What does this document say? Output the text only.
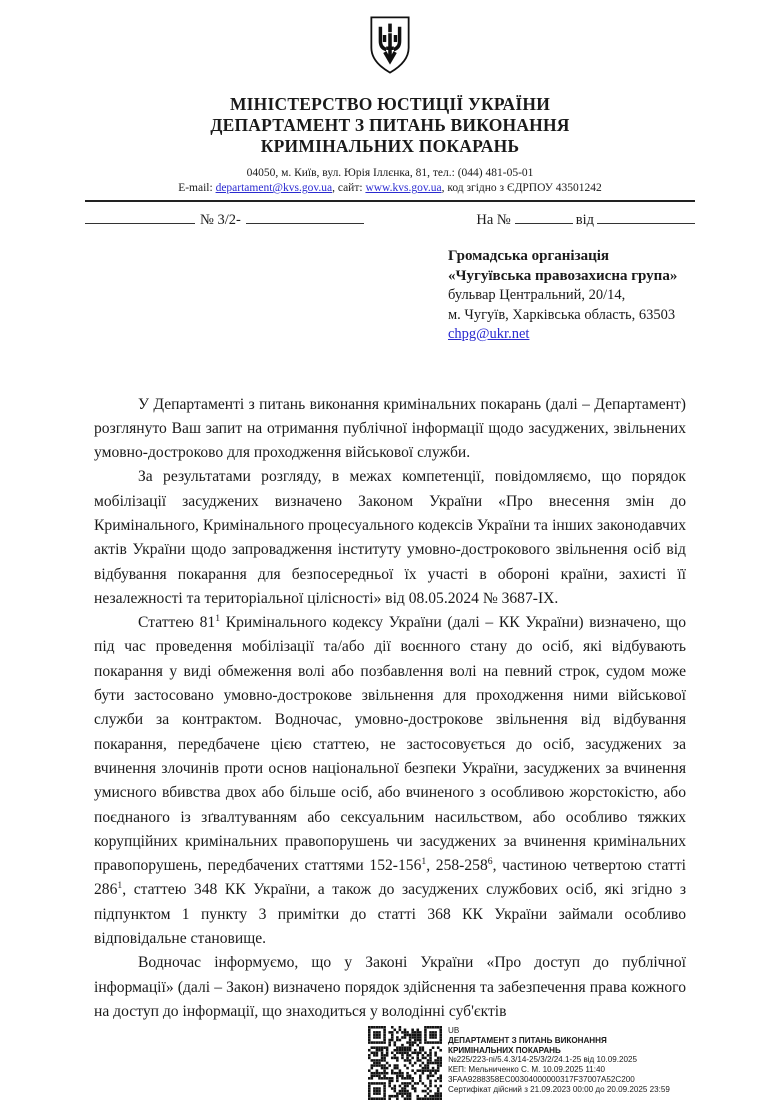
МІНІСТЕРСТВО ЮСТИЦІЇ УКРАЇНИ
ДЕПАРТАМЕНТ З ПИТАНЬ ВИКОНАННЯ
КРИМІНАЛЬНИХ ПОКАРАНЬ
04050, м. Київ, вул. Юрія Іллєнка, 81, тел.: (044) 481-05-01
E-mail: departament@kvs.gov.ua, сайт: www.kvs.gov.ua, код згідно з ЄДРПОУ 43501242
№ 3/2-	На №	від
Громадська організація
«Чугуївська правозахисна група»
бульвар Центральний, 20/14,
м. Чугуїв, Харківська область, 63503
chpg@ukr.net

У Департаменті з питань виконання кримінальних покарань (далі – Департамент) розглянуто Ваш запит на отримання публічної інформації щодо засуджених, звільнених умовно-достроково для проходження військової служби.

За результатами розгляду, в межах компетенції, повідомляємо, що порядок мобілізації засуджених визначено Законом України «Про внесення змін до Кримінального, Кримінального процесуального кодексів України та інших законодавчих актів України щодо запровадження інституту умовно-дострокового звільнення осіб від відбування покарання для безпосередньої їх участі в обороні країни, захисті її незалежності та територіальної цілісності» від 08.05.2024 № 3687-IX.

Статтею $81^1$ Кримінального кодексу України (далі – КК України) визначено, що під час проведення мобілізації та/або дії воєнного стану до осіб, які відбувають покарання у виді обмеження волі або позбавлення волі на певний строк, судом може бути застосовано умовно-дострокове звільнення для проходження ними військової служби за контрактом. Водночас, умовно-дострокове звільнення від відбування покарання, передбачене цією статтею, не застосовується до осіб, засуджених за вчинення злочинів проти основ національної безпеки України, засуджених за вчинення умисного вбивства двох або більше осіб, або вчиненого з особливою жорстокістю, або поєднаного із зґвалтуванням або сексуальним насильством, або особливо тяжких корупційних кримінальних правопорушень чи засуджених за вчинення кримінальних правопорушень, передбачених статтями $152-156^1$, $258-258^6$, частиною четвертою статті $286^1$, статтею 348 КК України, а також до засуджених службових осіб, які згідно з підпунктом 1 пункту 3 примітки до статті 368 КК України займали особливо відповідальне становище.

Водночас інформуємо, що у Законі України «Про доступ до публічної інформації» (далі – Закон) визначено порядок здійснення та забезпечення права кожного на доступ до інформації, що знаходиться у володінні суб'єктів

UB
ДЕПАРТАМЕНТ З ПИТАНЬ ВИКОНАННЯ
КРИМІНАЛЬНИХ ПОКАРАНЬ
№225/223-пі/5.4.3/14-25/3/2/24.1-25 від 10.09.2025
КЕП: Мельниченко С. М. 10.09.2025 11:40
3FAA9288358EC00304000000317F37007A52C200
Сертифікат дійсний з 21.09.2023 00:00 до 20.09.2025 23:59
